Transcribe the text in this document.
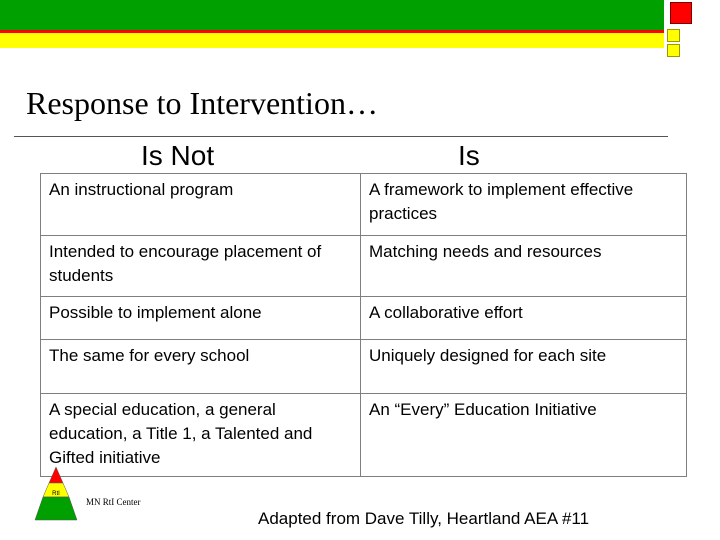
Response to Intervention…
Is Not	Is
An instructional program	A framework to implement effective practices
Intended to encourage placement of students	Matching needs and resources
Possible to implement alone	A collaborative effort
The same for every school	Uniquely designed for each site
A special education, a general education, a Title 1, a Talented and Gifted initiative	An “Every” Education Initiative
RtI
MN RtI Center
Adapted from Dave Tilly, Heartland AEA #11
